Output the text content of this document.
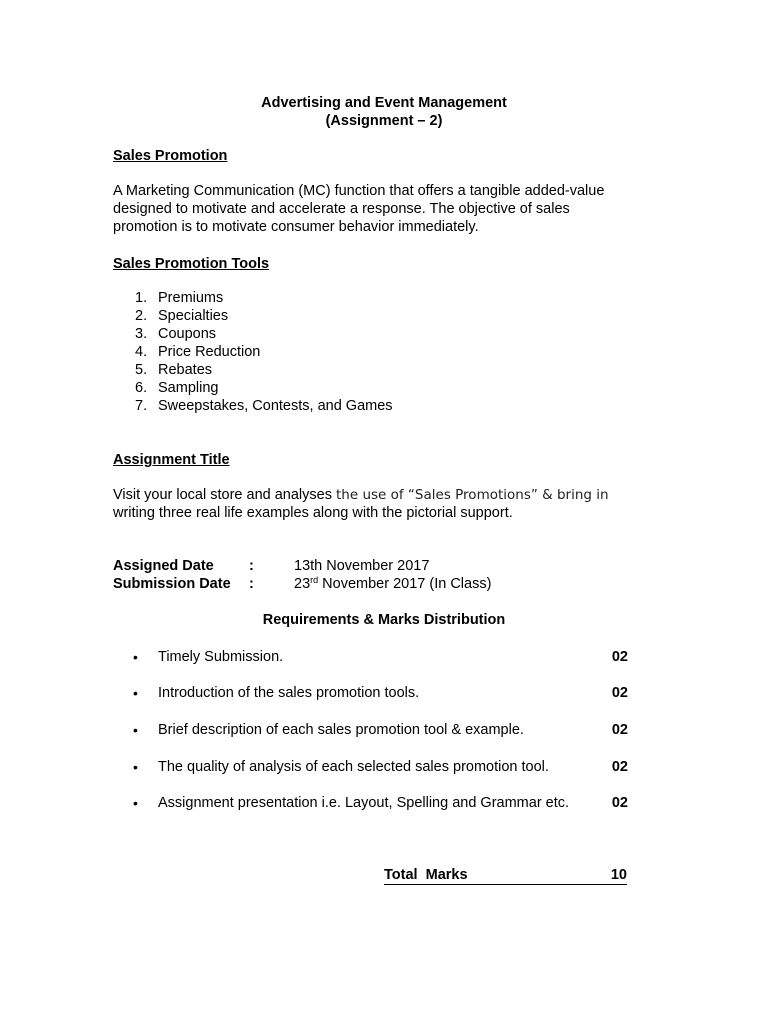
Advertising and Event Management
(Assignment – 2)
Sales Promotion
A Marketing Communication (MC) function that offers a tangible added-value
designed to motivate and accelerate a response. The objective of sales
promotion is to motivate consumer behavior immediately.
Sales Promotion Tools
1. Premiums
2. Specialties
3. Coupons
4. Price Reduction
5. Rebates
6. Sampling
7. Sweepstakes, Contests, and Games
Assignment Title
Visit your local store and analyses the use of “Sales Promotions” & bring in
writing three real life examples along with the pictorial support.
Assigned Date :	13th November 2017
Submission Date :	23rd November 2017 (In Class)
Requirements & Marks Distribution
• Timely Submission.	02
• Introduction of the sales promotion tools.	02
• Brief description of each sales promotion tool & example.	02
• The quality of analysis of each selected sales promotion tool.	02
• Assignment presentation i.e. Layout, Spelling and Grammar etc.	02
Total  Marks	10
